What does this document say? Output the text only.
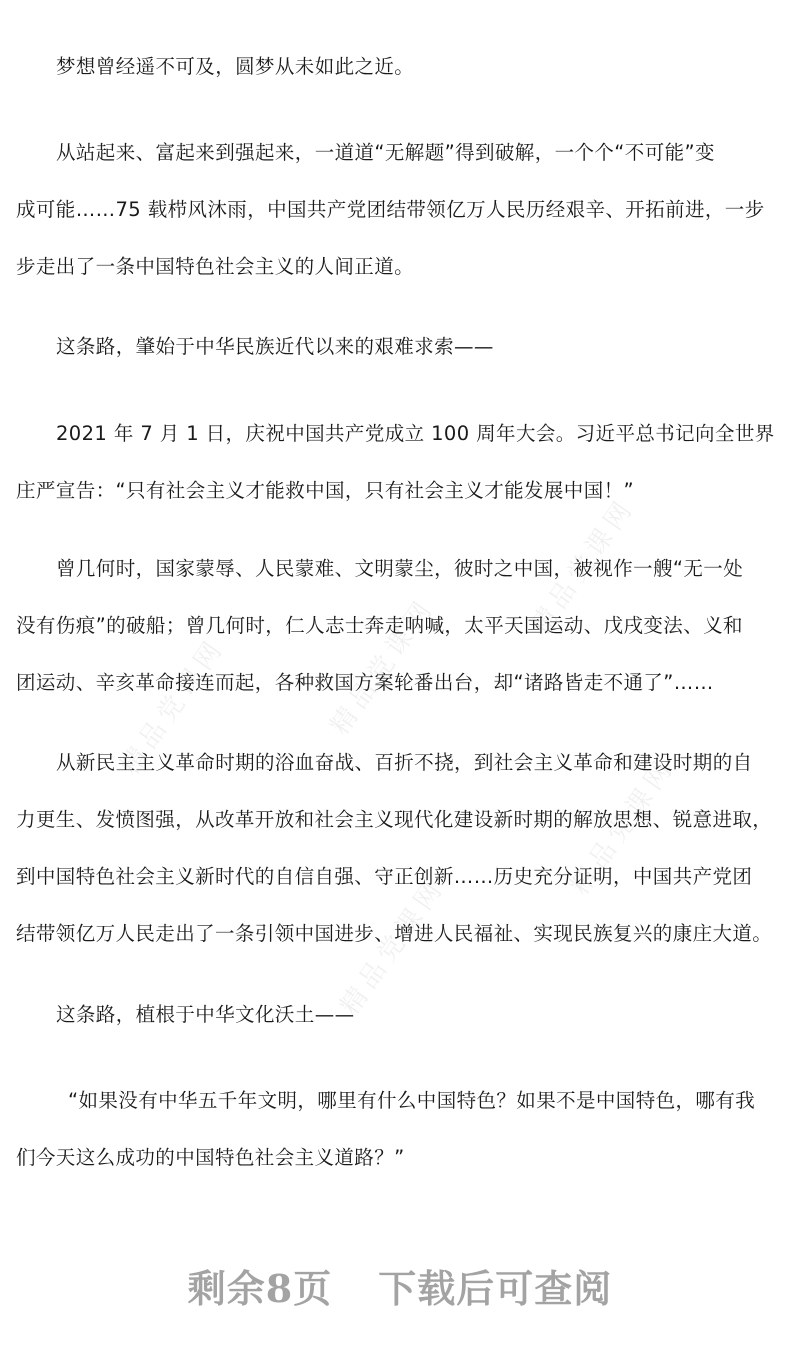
精品党课网	精品党课网
精品党课网
精品党课网
精品党课网
梦想曾经遥不可及，圆梦从未如此之近。
从站起来、富起来到强起来，一道道“无解题”得到破解，一个个“不可能”变
成可能……75 载栉风沐雨，中国共产党团结带领亿万人民历经艰辛、开拓前进，一步
步走出了一条中国特色社会主义的人间正道。
这条路，肇始于中华民族近代以来的艰难求索——
2021 年 7 月 1 日，庆祝中国共产党成立 100 周年大会。习近平总书记向全世界
庄严宣告：“只有社会主义才能救中国，只有社会主义才能发展中国！”
曾几何时，国家蒙辱、人民蒙难、文明蒙尘，彼时之中国，被视作一艘“无一处
没有伤痕”的破船；曾几何时，仁人志士奔走呐喊，太平天国运动、戊戌变法、义和
团运动、辛亥革命接连而起，各种救国方案轮番出台，却“诸路皆走不通了”……
从新民主主义革命时期的浴血奋战、百折不挠，到社会主义革命和建设时期的自
力更生、发愤图强，从改革开放和社会主义现代化建设新时期的解放思想、锐意进取，
到中国特色社会主义新时代的自信自强、守正创新……历史充分证明，中国共产党团
结带领亿万人民走出了一条引领中国进步、增进人民福祉、实现民族复兴的康庄大道。
这条路，植根于中华文化沃土——
“如果没有中华五千年文明，哪里有什么中国特色？如果不是中国特色，哪有我
们今天这么成功的中国特色社会主义道路？”
剩余8页 下载后可查阅
